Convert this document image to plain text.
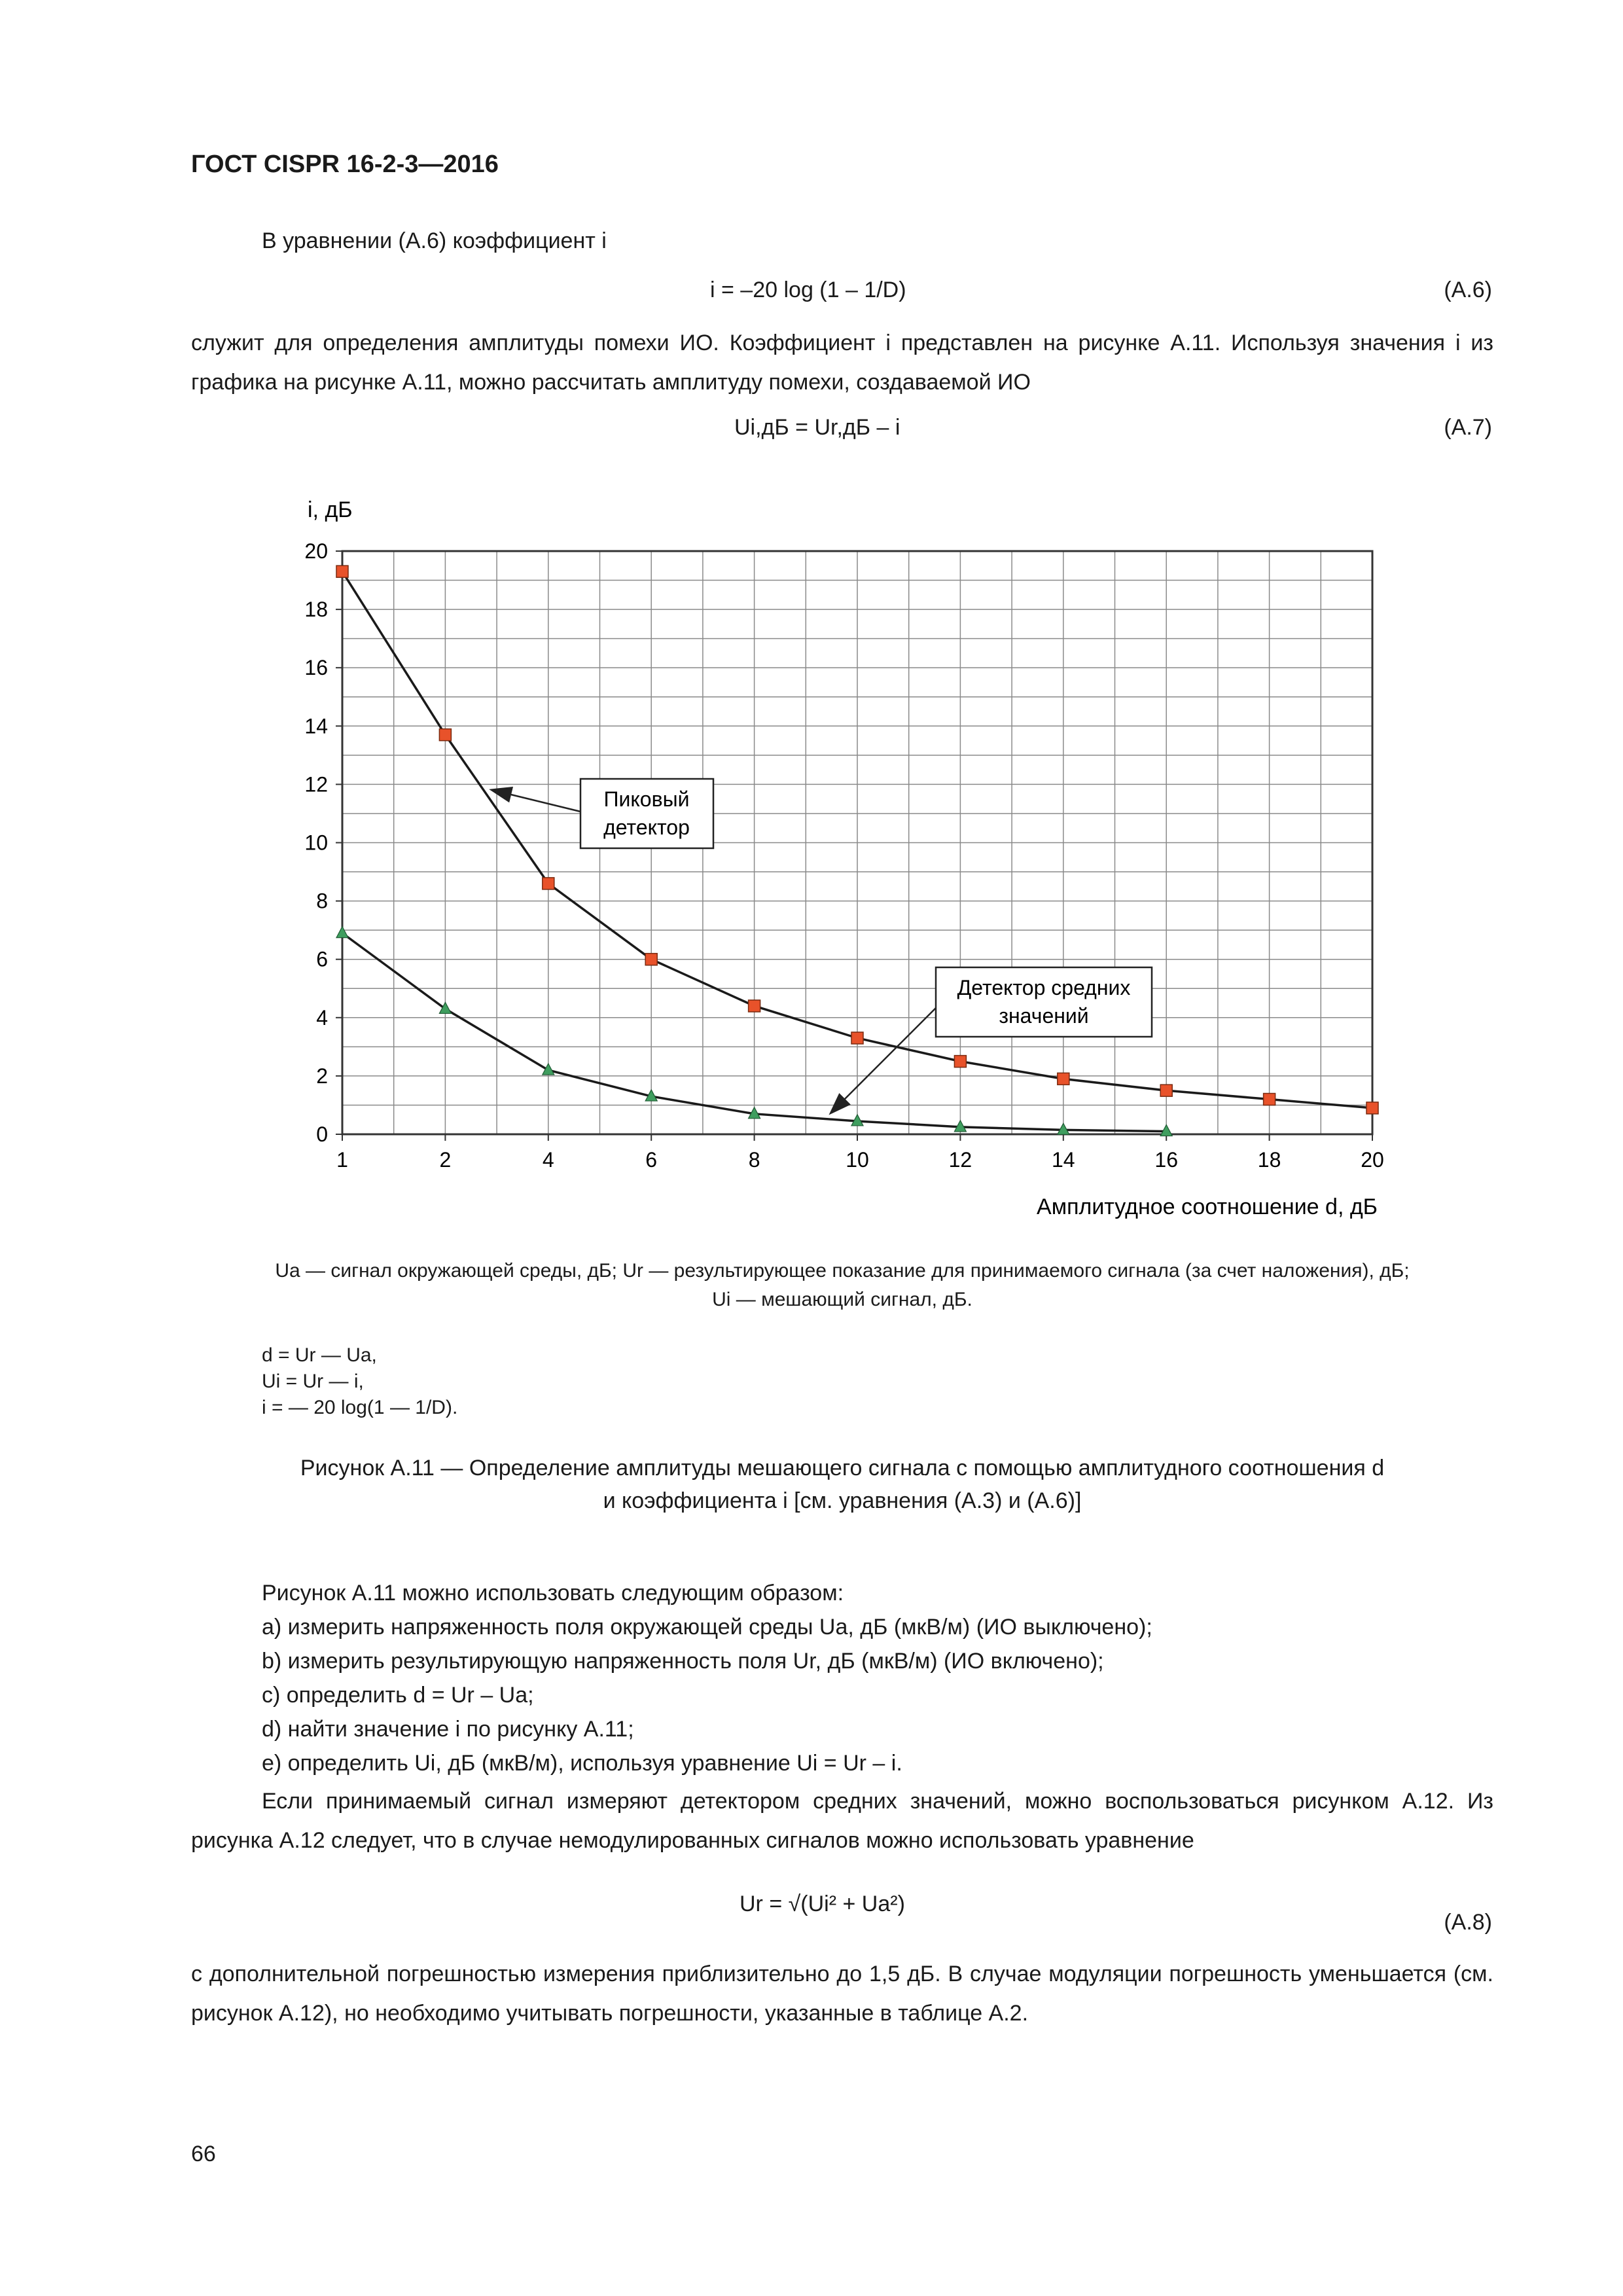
ГОСТ CISPR 16-2-3—2016
В уравнении (А.6) коэффициент i
i = –20 log (1 – 1/D)	(А.6)
служит для определения амплитуды помехи ИО. Коэффициент i представлен на рисунке А.11. Используя значения i из графика на рисунке А.11, можно рассчитать амплитуду помехи, создаваемой ИО
Ui,дБ = Ur,дБ – i	(А.7)
0
2
4
6
8
10
12
14
16
18
20
1	2	4	6	8	10	12	14	16	18	20
i, дБ
Амплитудное соотношение d, дБ
Пиковый
детектор
Детектор средних
значений
Ua — сигнал окружающей среды, дБ; Ur — результирующее показание для принимаемого сигнала (за счет наложения), дБ;
Ui — мешающий сигнал, дБ.
d = Ur — Ua,
Ui = Ur — i,
i = — 20 log(1 — 1/D).
Рисунок А.11 — Определение амплитуды мешающего сигнала с помощью амплитудного соотношения d
и коэффициента i [см. уравнения (А.3) и (А.6)]
Рисунок А.11 можно использовать следующим образом:
a) измерить напряженность поля окружающей среды Ua, дБ (мкВ/м) (ИО выключено);
b) измерить результирующую напряженность поля Ur, дБ (мкВ/м) (ИО включено);
c) определить d = Ur – Ua;
d) найти значение i по рисунку А.11;
e) определить Ui, дБ (мкВ/м), используя уравнение Ui = Ur – i.
Если принимаемый сигнал измеряют детектором средних значений, можно воспользоваться рисунком А.12. Из рисунка А.12 следует, что в случае немодулированных сигналов можно использовать уравнение
Ur = √(Ui² + Ua²)
(А.8)
с дополнительной погрешностью измерения приблизительно до 1,5 дБ. В случае модуляции погрешность уменьшается (см. рисунок А.12), но необходимо учитывать погрешности, указанные в таблице А.2.
66
